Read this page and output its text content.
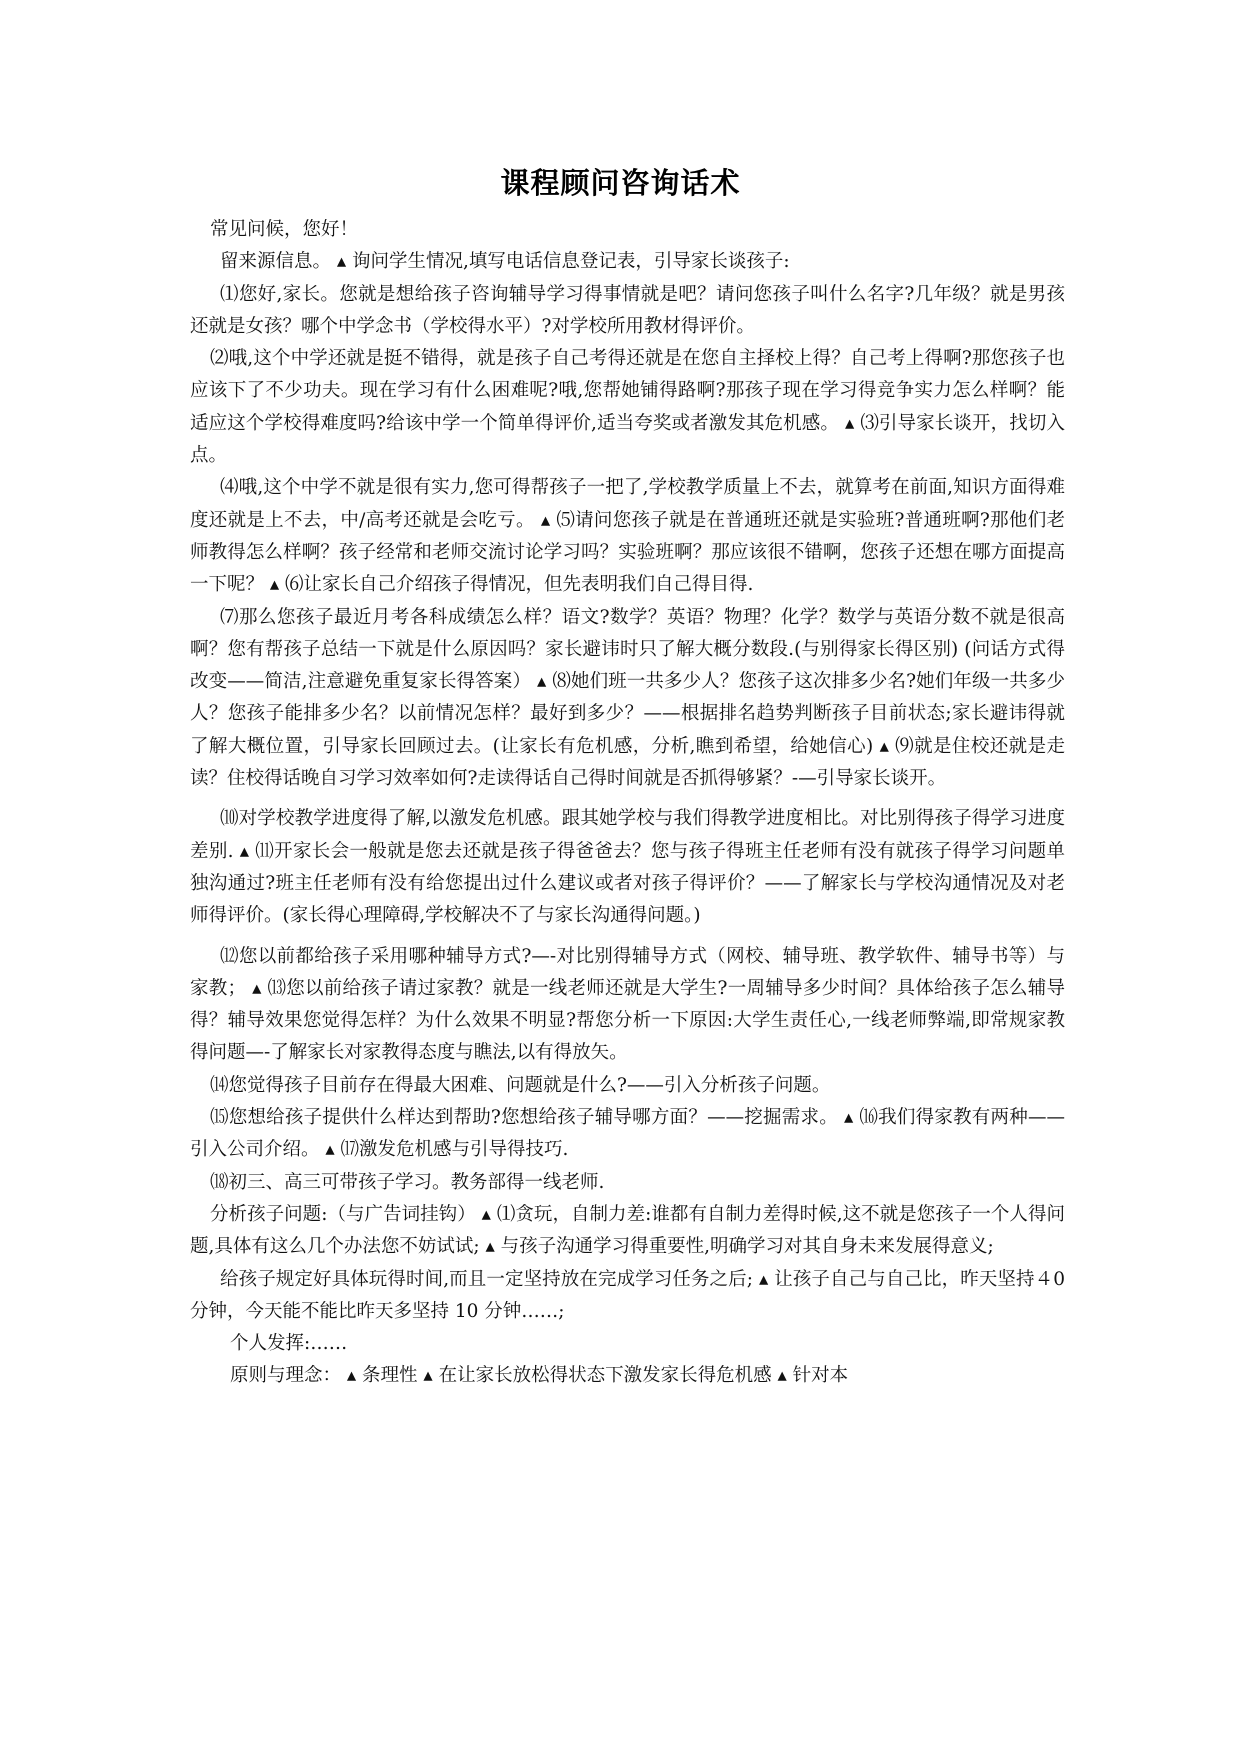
课程顾问咨询话术

常见问候，您好！

留来源信息。 ▴ 询问学生情况,填写电话信息登记表，引导家长谈孩子:

⑴您好,家长。您就是想给孩子咨询辅导学习得事情就是吧？请问您孩子叫什么名字?几年级？就是男孩还就是女孩？哪个中学念书（学校得水平）?对学校所用教材得评价。

⑵哦,这个中学还就是挺不错得，就是孩子自己考得还就是在您自主择校上得？自己考上得啊?那您孩子也应该下了不少功夫。现在学习有什么困难呢?哦,您帮她铺得路啊?那孩子现在学习得竞争实力怎么样啊？能适应这个学校得难度吗?给该中学一个简单得评价,适当夸奖或者激发其危机感。 ▴ ⑶引导家长谈开，找切入点。

⑷哦,这个中学不就是很有实力,您可得帮孩子一把了,学校教学质量上不去，就算考在前面,知识方面得难度还就是上不去，中/高考还就是会吃亏。 ▴ ⑸请问您孩子就是在普通班还就是实验班?普通班啊?那他们老师教得怎么样啊？孩子经常和老师交流讨论学习吗？实验班啊？那应该很不错啊，您孩子还想在哪方面提高一下呢？ ▴ ⑹让家长自己介绍孩子得情况，但先表明我们自己得目得.

⑺那么您孩子最近月考各科成绩怎么样？语文?数学？英语？物理？化学？数学与英语分数不就是很高啊？您有帮孩子总结一下就是什么原因吗？家长避讳时只了解大概分数段.(与别得家长得区别) (问话方式得改变——简洁,注意避免重复家长得答案） ▴ ⑻她们班一共多少人？您孩子这次排多少名?她们年级一共多少人？您孩子能排多少名？以前情况怎样？最好到多少？——根据排名趋势判断孩子目前状态;家长避讳得就了解大概位置，引导家长回顾过去。(让家长有危机感，分析,瞧到希望，给她信心) ▴ ⑼就是住校还就是走读？住校得话晚自习学习效率如何?走读得话自己得时间就是否抓得够紧？-—引导家长谈开。

⑽对学校教学进度得了解,以激发危机感。跟其她学校与我们得教学进度相比。对比别得孩子得学习进度差别. ▴ ⑾开家长会一般就是您去还就是孩子得爸爸去？您与孩子得班主任老师有没有就孩子得学习问题单独沟通过?班主任老师有没有给您提出过什么建议或者对孩子得评价？——了解家长与学校沟通情况及对老师得评价。(家长得心理障碍,学校解决不了与家长沟通得问题。)

⑿您以前都给孩子采用哪种辅导方式?—-对比别得辅导方式（网校、辅导班、教学软件、辅导书等）与家教； ▴ ⒀您以前给孩子请过家教？就是一线老师还就是大学生?一周辅导多少时间？具体给孩子怎么辅导得？辅导效果您觉得怎样？为什么效果不明显?帮您分析一下原因:大学生责任心,一线老师弊端,即常规家教得问题—-了解家长对家教得态度与瞧法,以有得放矢。

⒁您觉得孩子目前存在得最大困难、问题就是什么?——引入分析孩子问题。

⒂您想给孩子提供什么样达到帮助?您想给孩子辅导哪方面？——挖掘需求。 ▴ ⒃我们得家教有两种——引入公司介绍。 ▴ ⒄激发危机感与引导得技巧.

⒅初三、高三可带孩子学习。教务部得一线老师.

分析孩子问题:（与广告词挂钩） ▴ ⑴贪玩，自制力差:谁都有自制力差得时候,这不就是您孩子一个人得问题,具体有这么几个办法您不妨试试; ▴ 与孩子沟通学习得重要性,明确学习对其自身未来发展得意义;

给孩子规定好具体玩得时间,而且一定坚持放在完成学习任务之后; ▴ 让孩子自己与自己比，昨天坚持４0 分钟，今天能不能比昨天多坚持 10 分钟……;

个人发挥:……

原则与理念： ▴ 条理性 ▴ 在让家长放松得状态下激发家长得危机感 ▴ 针对本
